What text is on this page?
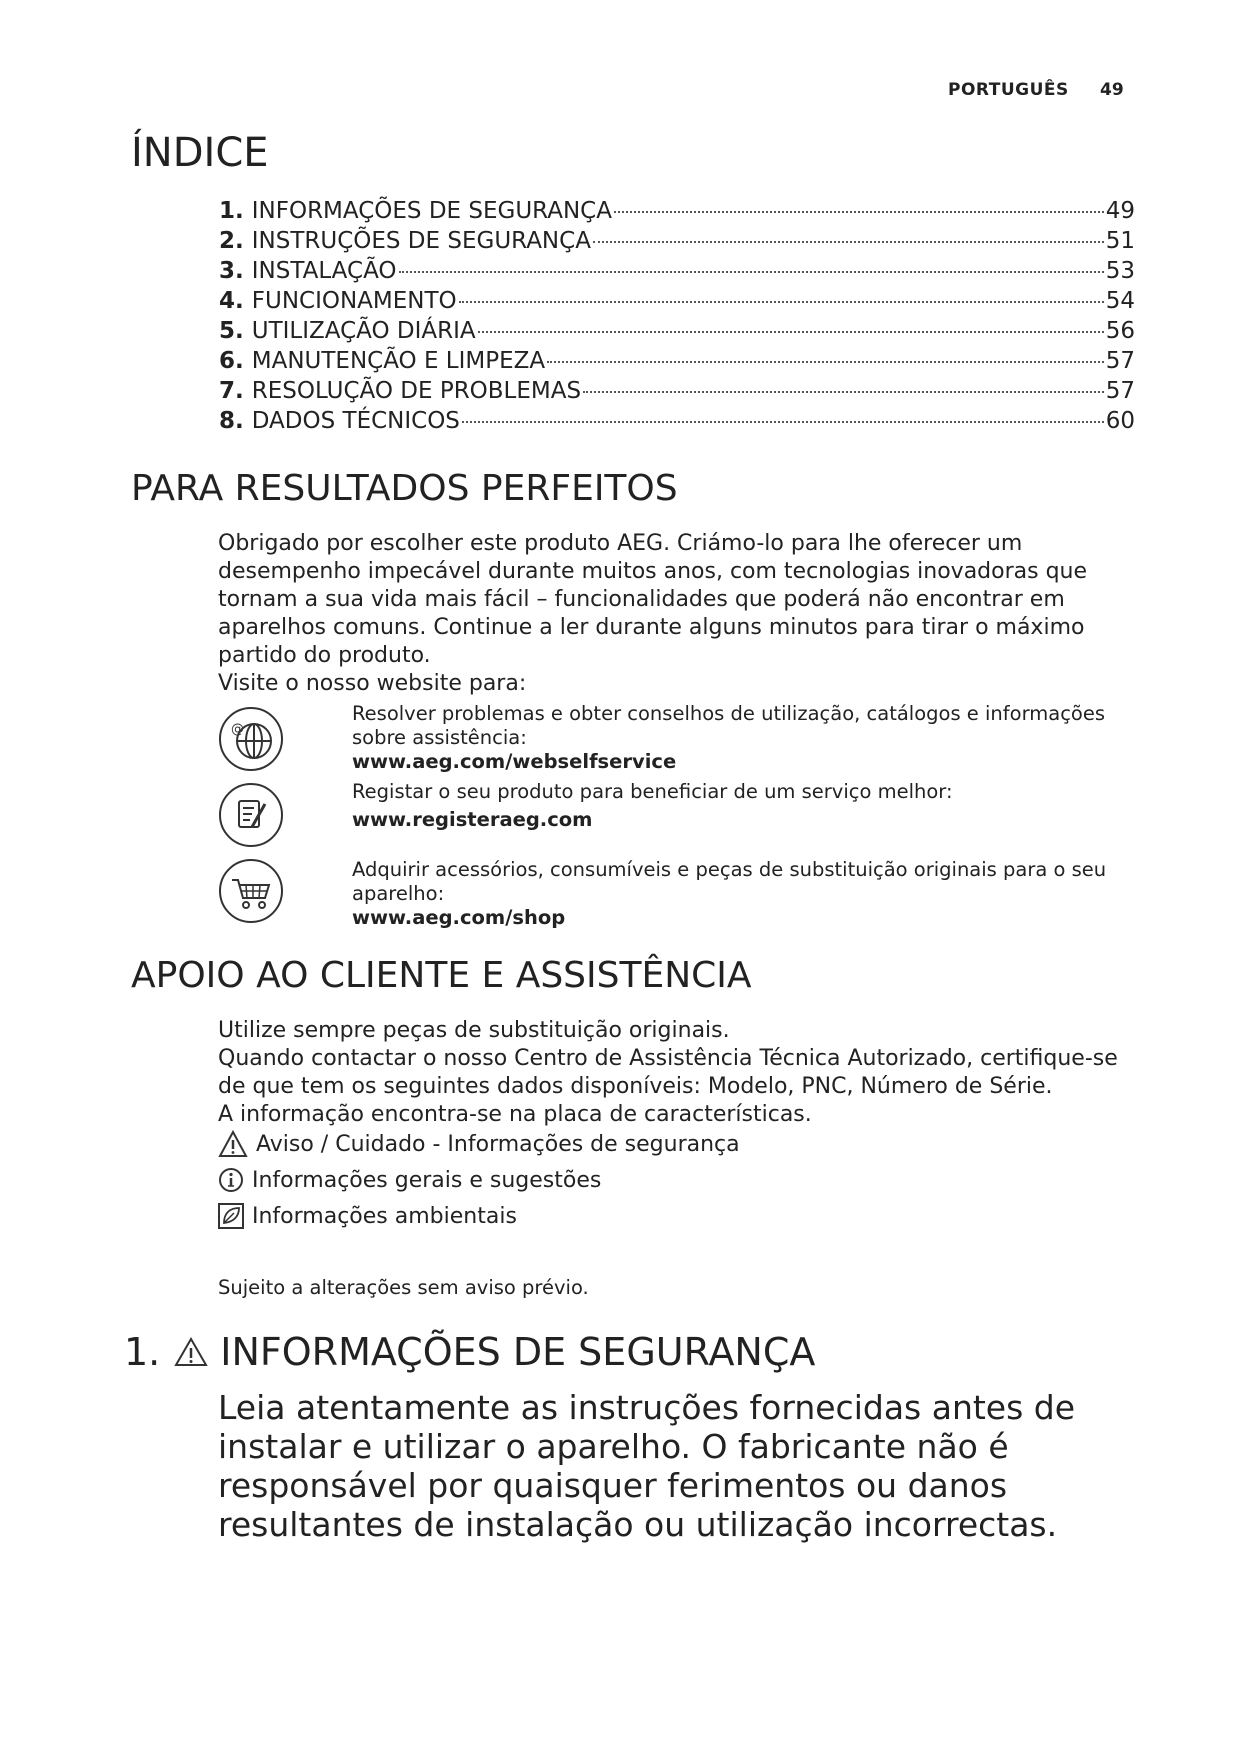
PORTUGUÊS 49
ÍNDICE
1. INFORMAÇÕES DE SEGURANÇA	49
2. INSTRUÇÕES DE SEGURANÇA	51
3. INSTALAÇÃO	53
4. FUNCIONAMENTO	54
5. UTILIZAÇÃO DIÁRIA	56
6. MANUTENÇÃO E LIMPEZA	57
7. RESOLUÇÃO DE PROBLEMAS	57
8. DADOS TÉCNICOS	60
PARA RESULTADOS PERFEITOS

Obrigado por escolher este produto AEG. Criámo-lo para lhe oferecer um desempenho impecável durante muitos anos, com tecnologias inovadoras que tornam a sua vida mais fácil – funcionalidades que poderá não encontrar em aparelhos comuns. Continue a ler durante alguns minutos para tirar o máximo partido do produto.

Visite o nosso website para:

@
Resolver problemas e obter conselhos de utilização, catálogos e informações sobre assistência:
www.aeg.com/webselfservice
Registar o seu produto para beneficiar de um serviço melhor:
www.registeraeg.com
Adquirir acessórios, consumíveis e peças de substituição originais para o seu aparelho:
www.aeg.com/shop
APOIO AO CLIENTE E ASSISTÊNCIA
Utilize sempre peças de substituição originais.
Quando contactar o nosso Centro de Assistência Técnica Autorizado, certifique-se de que tem os seguintes dados disponíveis: Modelo, PNC, Número de Série.
A informação encontra-se na placa de características.
Aviso / Cuidado - Informações de segurança
Informações gerais e sugestões
Informações ambientais
Sujeito a alterações sem aviso prévio.
1. INFORMAÇÕES DE SEGURANÇA

Leia atentamente as instruções fornecidas antes de instalar e utilizar o aparelho. O fabricante não é responsável por quaisquer ferimentos ou danos resultantes de instalação ou utilização incorrectas.
